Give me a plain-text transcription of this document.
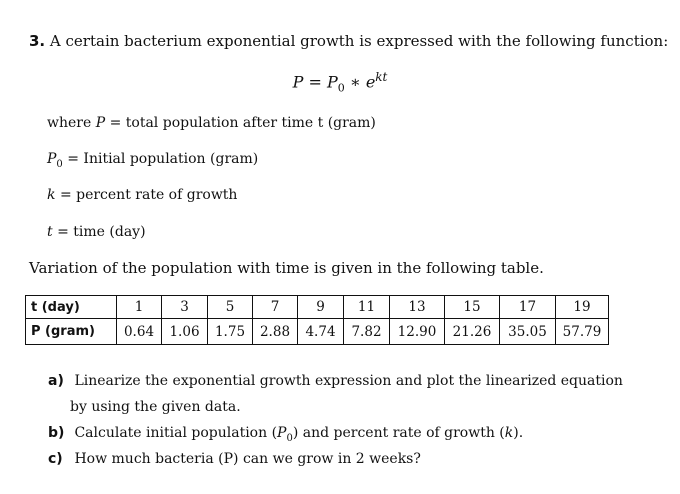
3. A certain bacterium exponential growth is expressed with the following function:
$P = P_0$ ∗ $e^{kt}$
where P = total population after time t (gram)
$P_0$ = Initial population (gram)
k = percent rate of growth
t = time (day)
Variation of the population with time is given in the following table.
t (day)	1	3	5	7	9	11	13	15	17	19
P (gram)	0.64	1.06	1.75	2.88	4.74	7.82	12.90	21.26	35.05	57.79
a) Linearize the exponential growth expression and plot the linearized equation
by using the given data.
b) Calculate initial population $(P_0)$ and percent rate of growth (k).
c) How much bacteria (P) can we grow in 2 weeks?
